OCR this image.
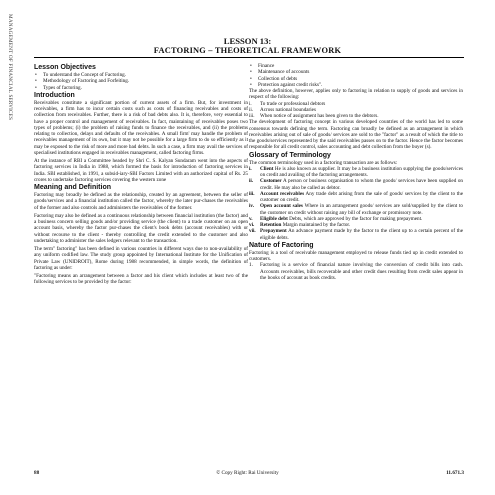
MANAGEMENT OF FINANCIAL SERVICES	LESSON 13:
FACTORING – THEORETICAL FRAMEWORK
Lesson Objectives
• To understand the Concept of Factoring.
• Methodology of Factoring and Forfeiting.
• Types of factoring.
Introduction

Receivables constitute a significant portion of current assets of a firm. But, for investment in receivables, a firm has to incur certain costs such as costs of financing receivables and costs of collection from receivables. Further, there is a risk of bad debts also. It is, therefore, very essential to have a proper control and management of receivables. In fact, maintaining of receivables poses two types of problems; (i) the problem of raising funds to finance the receivables, and (ii) the problems relating to collection, delays and defaults of the receivables. A small firm' may handle the problem of receivables management of its own, but it may not be possible for a large firm to do so efficiently as it may be exposed to the risk of more and more bad debts. In such a case, a firm may avail the services of specialised institutions engaged in receivables management, called factoring firms.

At the instance of RBI a Committee headed by Shri C. S. Kalyan Sundaram went into the aspects of factoring services in India in 1988, which formed the basis for introduction of factoring services in India. SBI established, in 1991, a subsid-iary-SBI Factors Limited with an authorized capital of Rs. 25 crores to undertake factoring services covering the western zone

Meaning and Definition

Factoring may broadly be defined as the relationship, created by an agreement, between the seller of goods/services and a financial institution called the factor, whereby the later pur-chases the receivables of the former and also controls and administers the receivables of the former.

Factoring may also be defined as a continuous relationship between financial institution (the factor) and a business concern selling goods and/or providing service (the client) to a trade customer on an open account basis, whereby the factor pur-chases the client's book debts (account receivables) with or without recourse to the client - thereby controlling the credit extended to the customer and also undertaking to administer the sales ledgers relevant to the transaction.

The term" factoring" has been defined in various countries in different ways due to non-availability of any uniform codified law. The study group appointed by International Institute for the Unification of Private Law (UNIDROIT), Rome during 1988 recommended, in simple words, the definition of factoring as under:

"Factoring means an arrangement between a factor and his client which includes at least two of the following services to be provided by the factor:

• Finance
• Maintenance of accounts
• Collection of debts
• Protection against credit risks".

The above definition, however, applies only to factoring in relation to supply of goods and services in respect of the following:

i. To trade or professional debtors
ii. Across national boundaries
iii. When notice of assignment has been given to the debtors.

The development of factoring concept in various developed countries of the world has led to some consensus towards defining the term. Factoring can broadly be defined as an arrangement in which receivables arising out of sale of goods/ services are sold to the "factor" as a result of which the title to the goods/services represented by the said receivables passes on to the factor. Hence the factor becomes responsible for all credit control, sales accounting and debt collection from the buyer (s).

Glossary of Terminology

The common terminology used in a factoring transaction are as follows:

i. Client He is also known as supplier. It may be a business institution supplying the goods/services on credit and availing of the factoring arrangements.
ii. Customer A person or business organisation to whom the goods/ services have been supplied on credit. He may also be called as debtor.
iii. Account receivables Any trade debt arising from the sale of goods/ services by the client to the customer on credit.
iv. Open account sales Where in an arrangement goods/ services are sold/supplied by the client to the customer on credit without raising any bill of exchange or promissory note.
v. Eligible debt Debts, which are approved by the factor for making prepayment.
vi. Retention Margin maintained by the factor.
vii. Prepayment An advance payment made by the factor to the client up to a certain percent of the eligible debts.
Nature of Factoring

Factoring is a tool of receivable management employed to release funds tied up in credit extended to customers.

1. Factoring is a service of financial nature involving the conversion of credit bills into cash. Accounts receivables, bills recoverable and other credit dues resulting from credit sales appear in the books of account as book credits.
88	© Copy Right: Rai University	11.671.3
